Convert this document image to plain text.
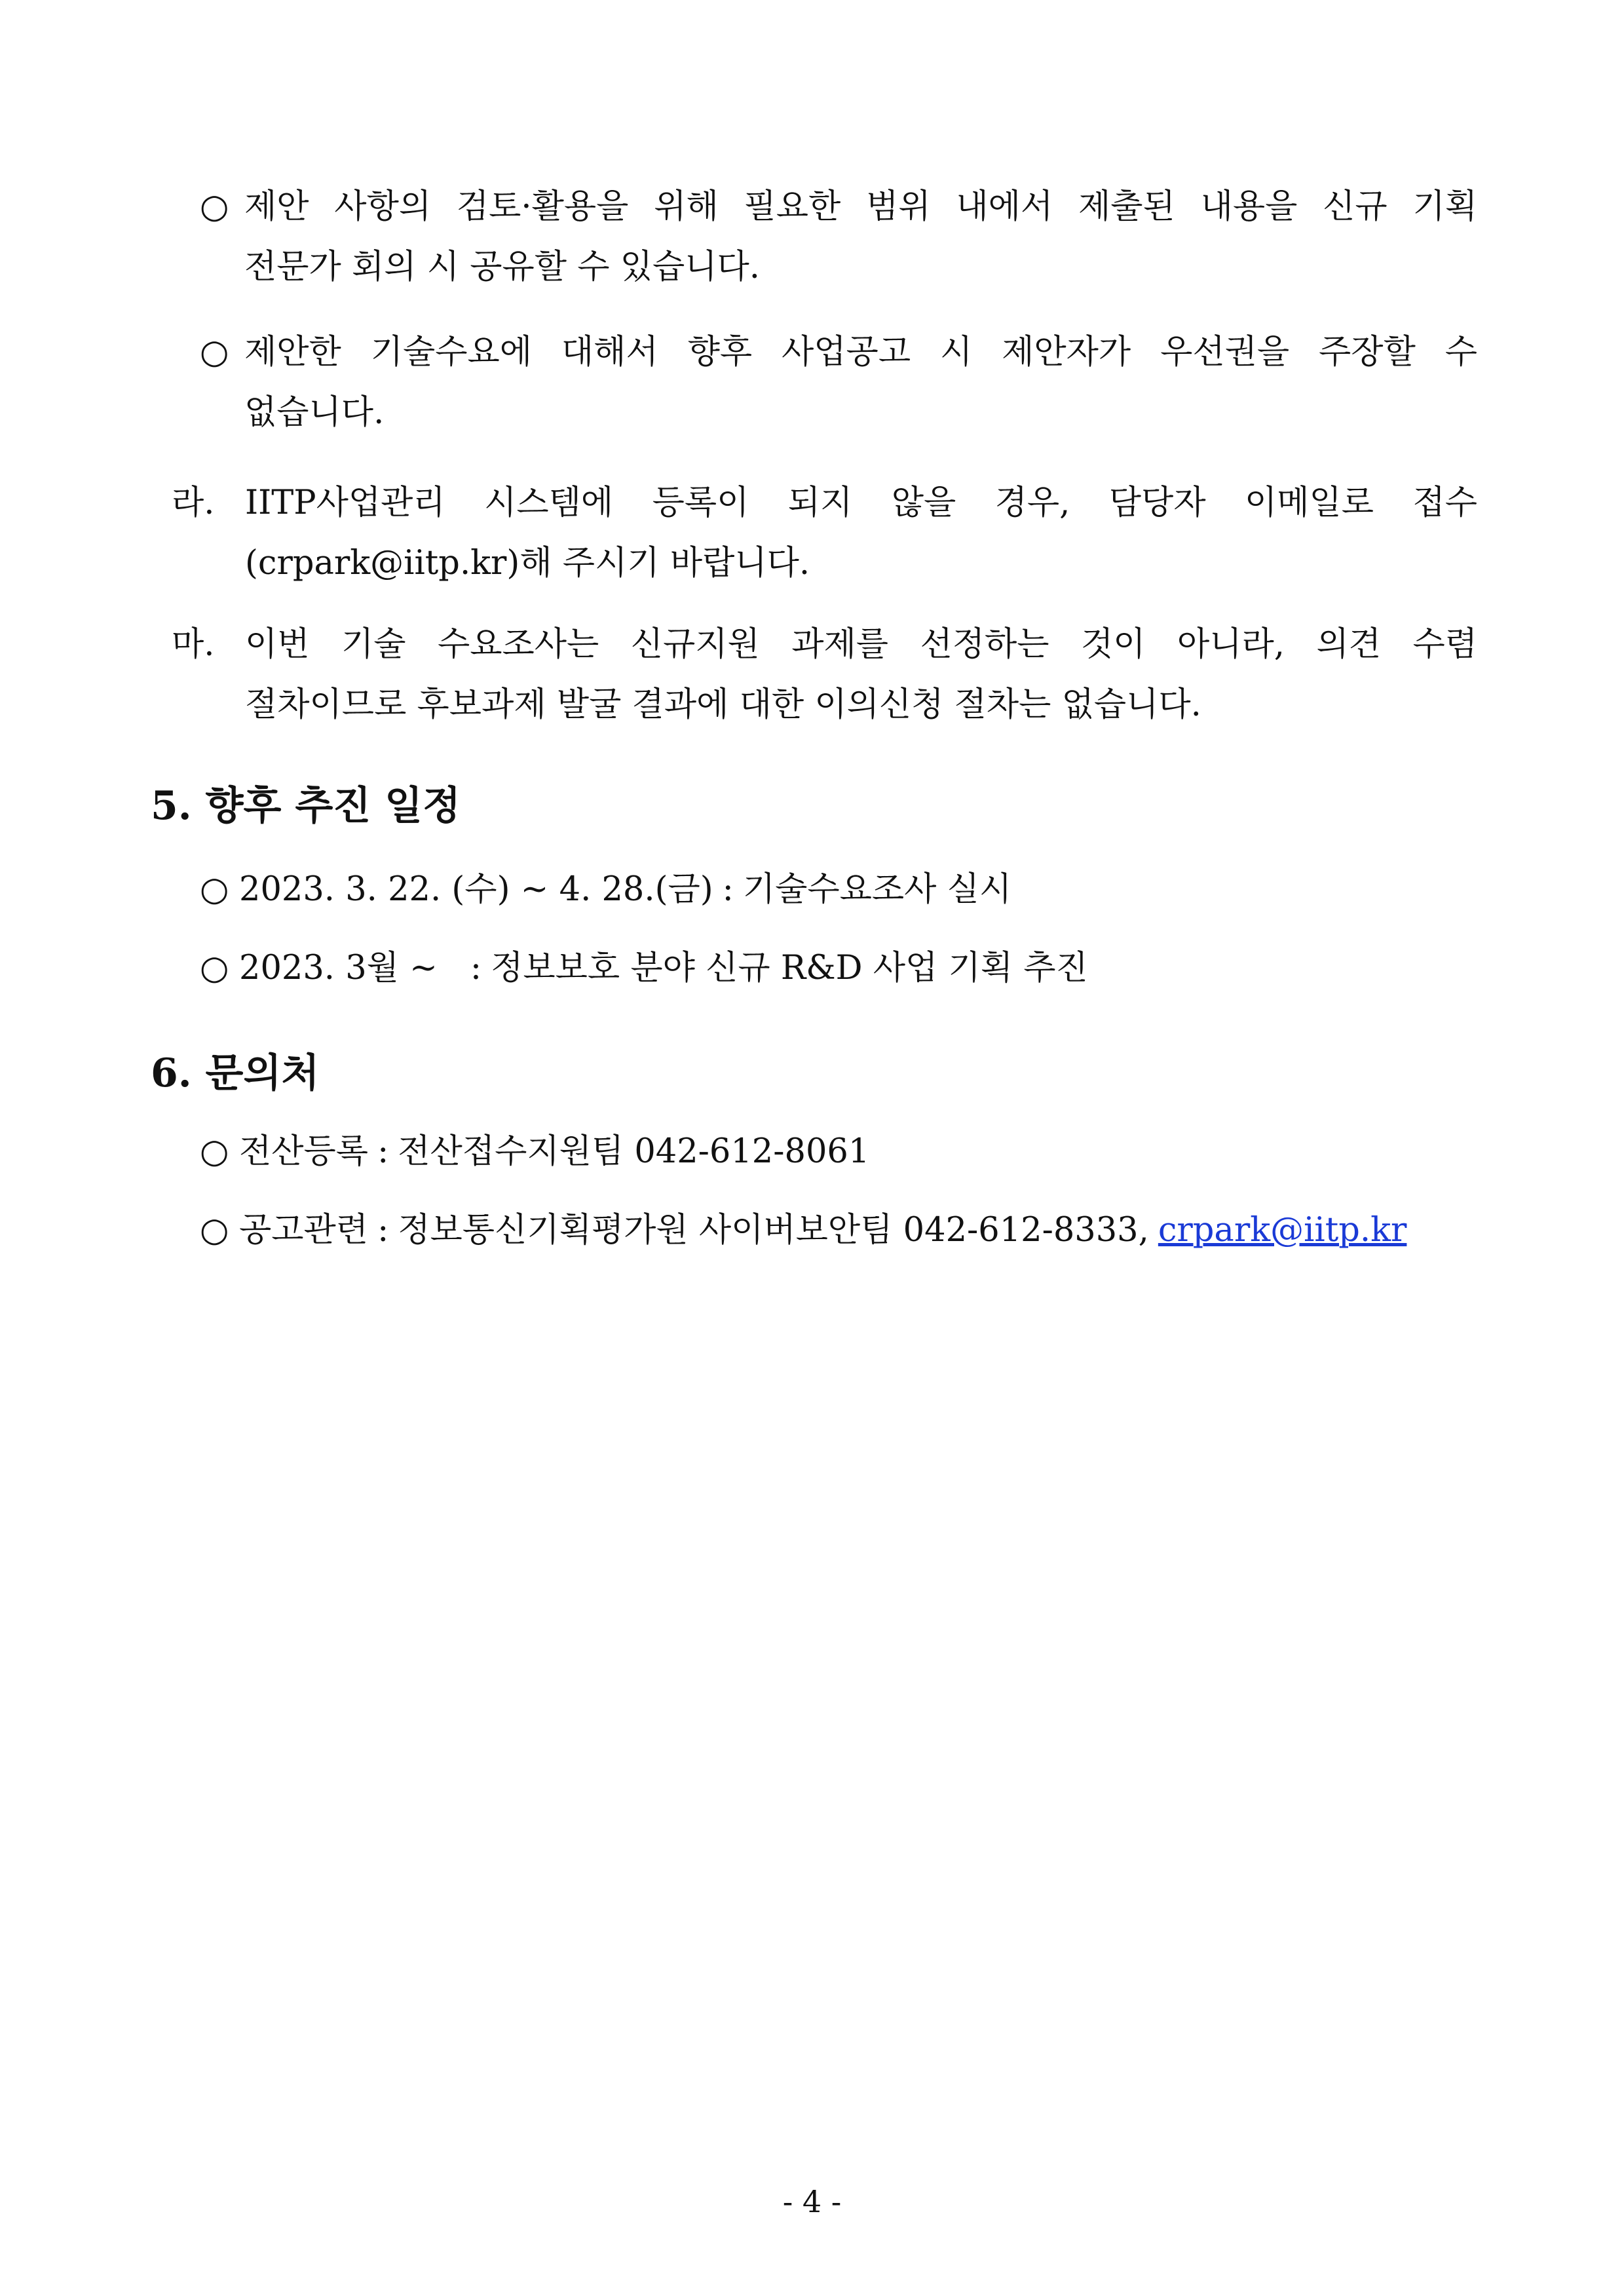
○ 제안 사항의 검토·활용을 위해 필요한 범위 내에서 제출된 내용을 신규 기획
전문가 회의 시 공유할 수 있습니다.
○ 제안한 기술수요에 대해서 향후 사업공고 시 제안자가 우선권을 주장할 수
없습니다.
라. IITP사업관리 시스템에 등록이 되지 않을 경우, 담당자 이메일로 접수
(crpark@iitp.kr)해 주시기 바랍니다.
마. 이번 기술 수요조사는 신규지원 과제를 선정하는 것이 아니라, 의견 수렴
절차이므로 후보과제 발굴 결과에 대한 이의신청 절차는 없습니다.
5. 향후 추진 일정
○ 2023. 3. 22. (수) ~ 4. 28.(금) : 기술수요조사 실시
○ 2023. 3월 ~ : 정보보호 분야 신규 R&D 사업 기획 추진
6. 문의처
○ 전산등록 : 전산접수지원팀 042-612-8061
○ 공고관련 : 정보통신기획평가원 사이버보안팀 042-612-8333, crpark@iitp.kr
- 4 -
